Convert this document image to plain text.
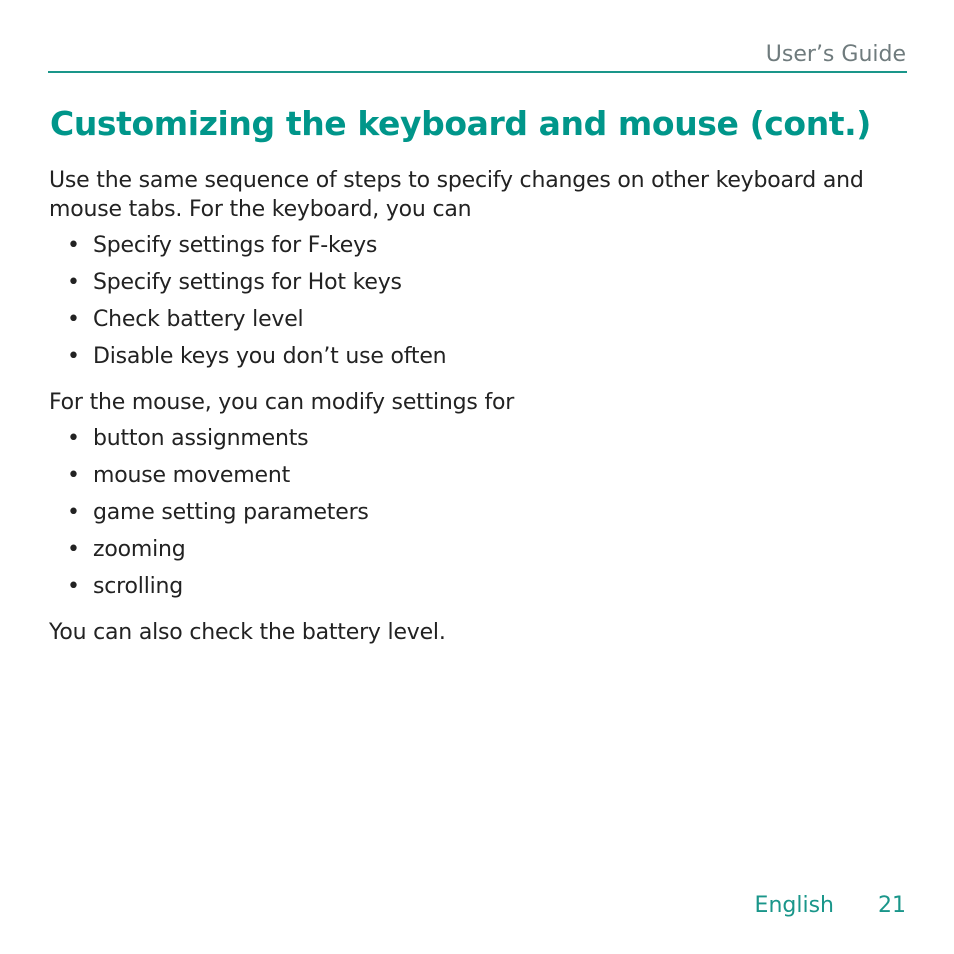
User’s Guide
Customizing the keyboard and mouse (cont.)

Use the same sequence of steps to specify changes on other keyboard and
mouse tabs. For the keyboard, you can

• Specify settings for F-keys
• Specify settings for Hot keys
• Check battery level
• Disable keys you don’t use often

For the mouse, you can modify settings for

• button assignments
• mouse movement
• game setting parameters
• zooming
• scrolling

You can also check the battery level.

English 21
